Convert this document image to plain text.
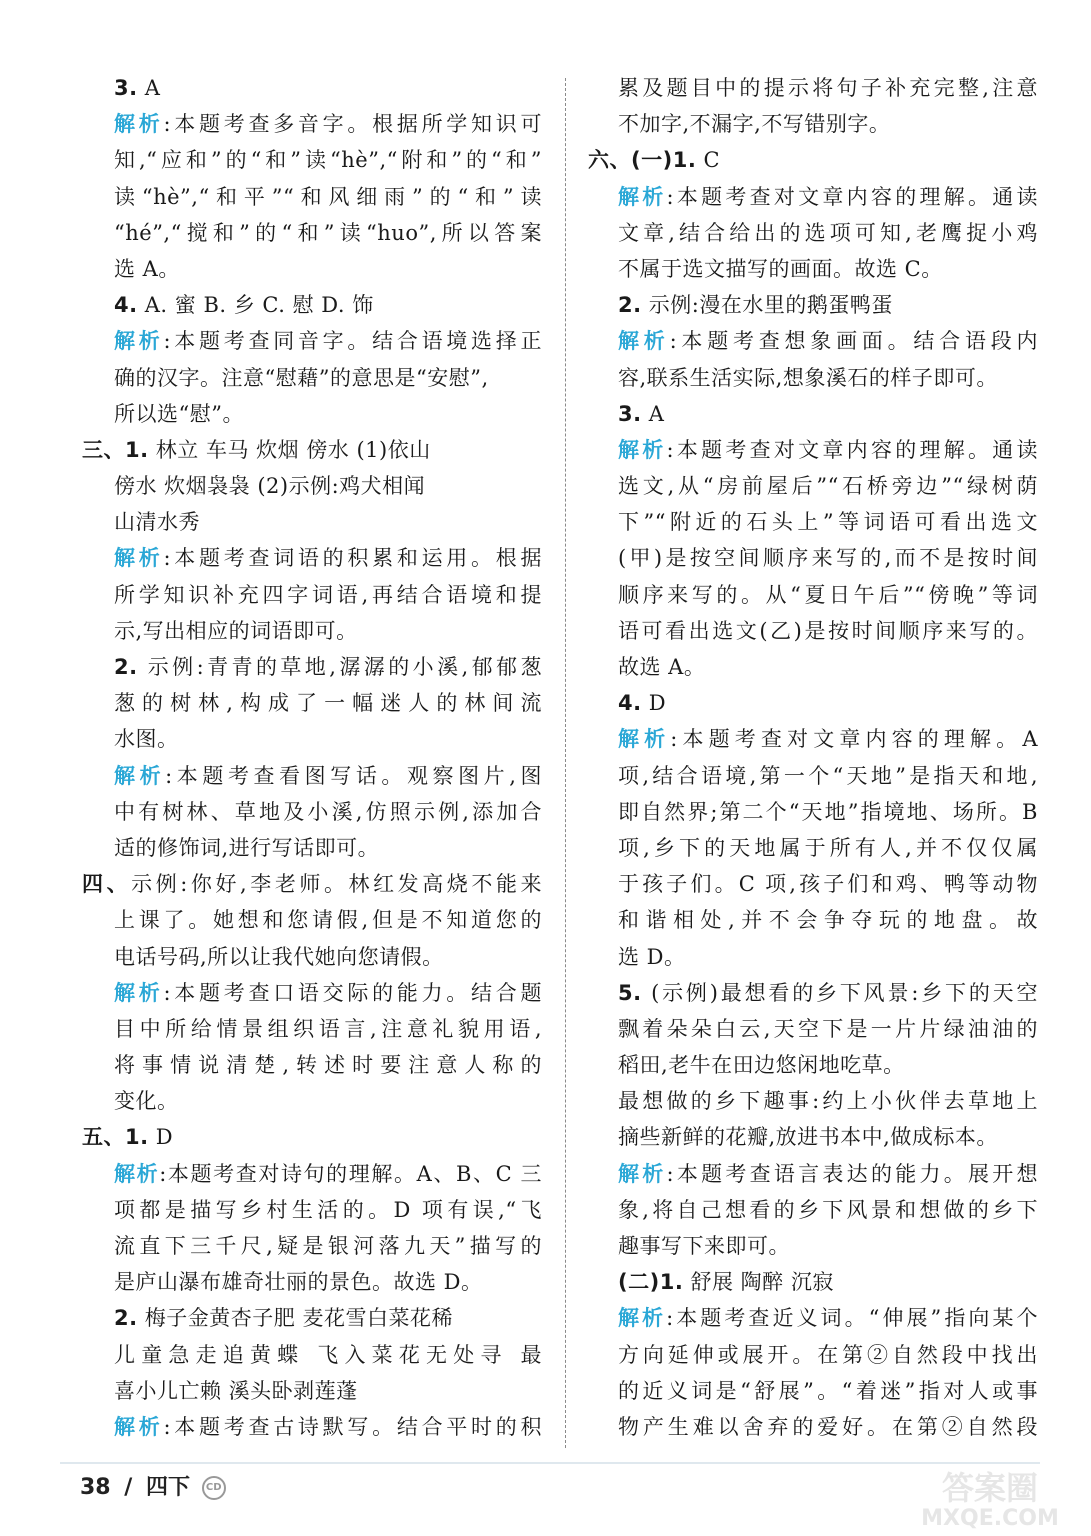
3. A
解析:本题考查多音字。根据所学知识可
知,“应和”的“和”读“hè”,“附和”的“和”
读“hè”,“和平”“和风细雨”的“和”读
“hé”,“搅和”的“和”读“huo”,所以答案
选 A。
4. A. 蜜 B. 乡 C. 慰 D. 饰
解析:本题考查同音字。结合语境选择正
确的汉字。注意“慰藉”的意思是“安慰”,
所以选“慰”。
三、1. 林立 车马 炊烟 傍水 (1)依山
傍水 炊烟袅袅 (2)示例:鸡犬相闻
山清水秀
解析:本题考查词语的积累和运用。根据
所学知识补充四字词语,再结合语境和提
示,写出相应的词语即可。
2. 示例:青青的草地,潺潺的小溪,郁郁葱
葱的树林,构成了一幅迷人的林间流
水图。
解析:本题考查看图写话。观察图片,图
中有树林、草地及小溪,仿照示例,添加合
适的修饰词,进行写话即可。
四、示例:你好,李老师。林红发高烧不能来
上课了。她想和您请假,但是不知道您的
电话号码,所以让我代她向您请假。
解析:本题考查口语交际的能力。结合题
目中所给情景组织语言,注意礼貌用语,
将事情说清楚,转述时要注意人称的
变化。
五、1. D
解析:本题考查对诗句的理解。A、B、C 三
项都是描写乡村生活的。D 项有误,“飞
流直下三千尺,疑是银河落九天”描写的
是庐山瀑布雄奇壮丽的景色。故选 D。
2. 梅子金黄杏子肥 麦花雪白菜花稀
儿童急走追黄蝶 飞入菜花无处寻 最
喜小儿亡赖 溪头卧剥莲蓬
解析:本题考查古诗默写。结合平时的积
累及题目中的提示将句子补充完整,注意
不加字,不漏字,不写错别字。
六、(一)1. C
解析:本题考查对文章内容的理解。通读
文章,结合给出的选项可知,老鹰捉小鸡
不属于选文描写的画面。故选 C。
2. 示例:漫在水里的鹅蛋鸭蛋
解析:本题考查想象画面。结合语段内
容,联系生活实际,想象溪石的样子即可。
3. A
解析:本题考查对文章内容的理解。通读
选文,从“房前屋后”“石桥旁边”“绿树荫
下”“附近的石头上”等词语可看出选文
(甲)是按空间顺序来写的,而不是按时间
顺序来写的。从“夏日午后”“傍晚”等词
语可看出选文(乙)是按时间顺序来写的。
故选 A。
4. D
解析:本题考查对文章内容的理解。A
项,结合语境,第一个“天地”是指天和地,
即自然界;第二个“天地”指境地、场所。B
项,乡下的天地属于所有人,并不仅仅属
于孩子们。C 项,孩子们和鸡、鸭等动物
和谐相处,并不会争夺玩的地盘。故
选 D。
5. (示例)最想看的乡下风景:乡下的天空
飘着朵朵白云,天空下是一片片绿油油的
稻田,老牛在田边悠闲地吃草。
最想做的乡下趣事:约上小伙伴去草地上
摘些新鲜的花瓣,放进书本中,做成标本。
解析:本题考查语言表达的能力。展开想
象,将自己想看的乡下风景和想做的乡下
趣事写下来即可。
(二)1. 舒展 陶醉 沉寂
解析:本题考查近义词。“伸展”指向某个
方向延伸或展开。在第②自然段中找出
的近义词是“舒展”。“着迷”指对人或事
物产生难以舍弃的爱好。在第②自然段
38 / 四下 CD	答案圈
MXQE.COM
